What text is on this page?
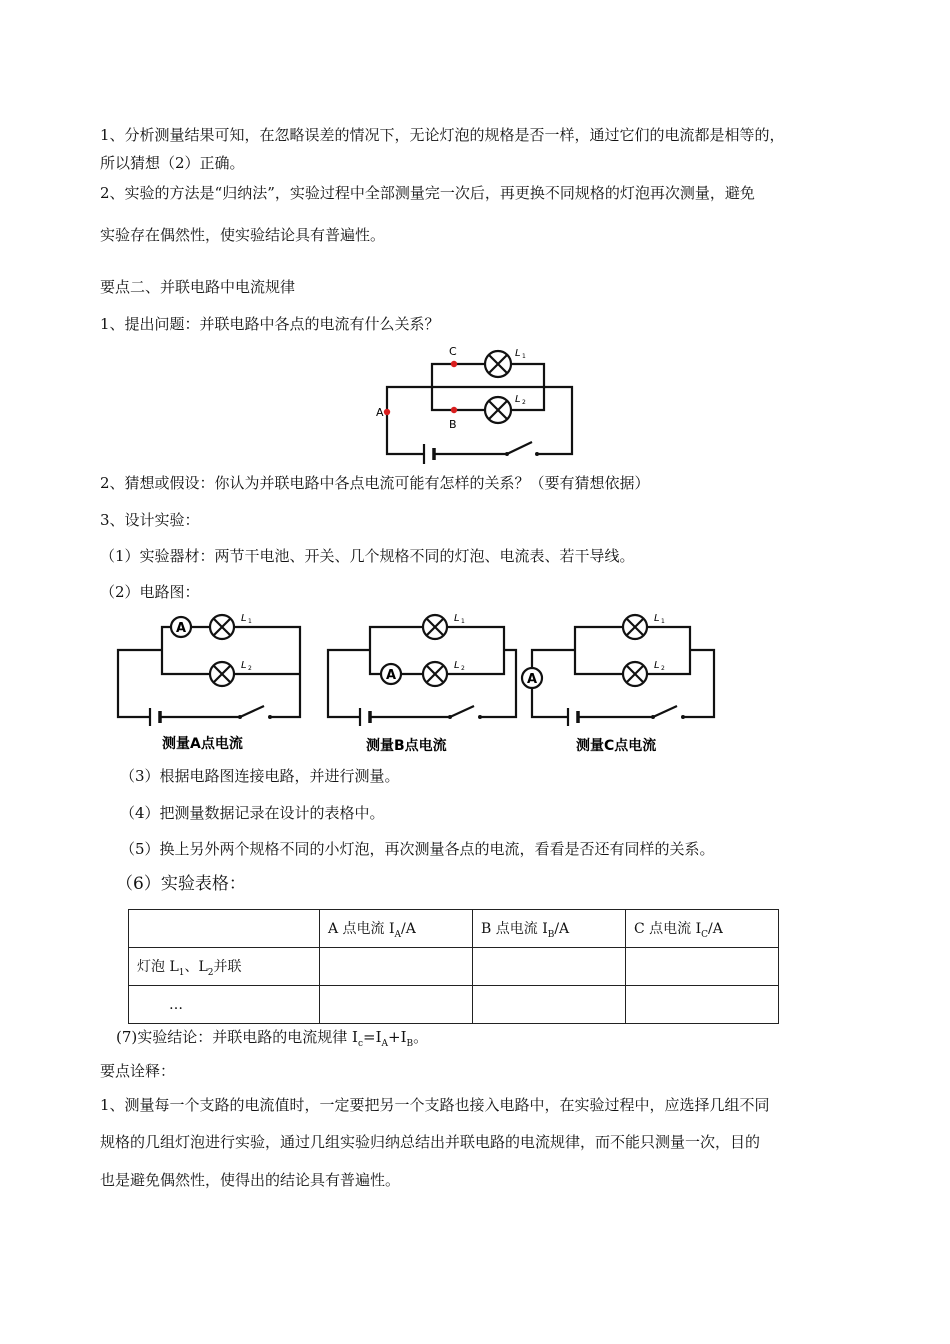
1、分析测量结果可知，在忽略误差的情况下，无论灯泡的规格是否一样，通过它们的电流都是相等的，
所以猜想（2）正确。
2、实验的方法是“归纳法”，实验过程中全部测量完一次后，再更换不同规格的灯泡再次测量，避免
实验存在偶然性，使实验结论具有普遍性。
要点二、并联电路中电流规律
1、提出问题：并联电路中各点的电流有什么关系？
A
C
B
L 1
L 2
2、猜想或假设：你认为并联电路中各点电流可能有怎样的关系？（要有猜想依据）
3、设计实验：
（1）实验器材：两节干电池、开关、几个规格不同的灯泡、电流表、若干导线。
（2）电路图：
A
L 1
L 2
测量A点电流
A
L 1
L 2
测量B点电流
A
L 1
L 2
测量C点电流
（3）根据电路图连接电路，并进行测量。
（4）把测量数据记录在设计的表格中。
（5）换上另外两个规格不同的小灯泡，再次测量各点的电流，看看是否还有同样的关系。
（6）实验表格：
	A 点电流 $I_A/A$	B 点电流 $I_B/A$	C 点电流 $I_C/A$
灯泡 $L_1$、$L_2$并联			
…			
(7)实验结论：并联电路的电流规律 $I_c=I_A+I_B$。
要点诠释：
1、测量每一个支路的电流值时，一定要把另一个支路也接入电路中，在实验过程中，应选择几组不同
规格的几组灯泡进行实验，通过几组实验归纳总结出并联电路的电流规律，而不能只测量一次，目的
也是避免偶然性，使得出的结论具有普遍性。
